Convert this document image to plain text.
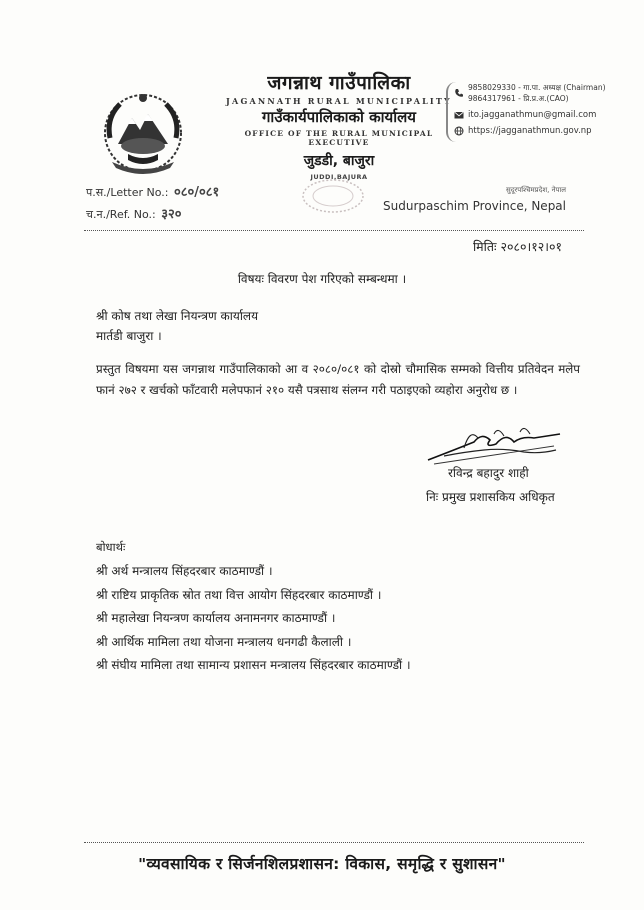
जगन्नाथ गाउँपालिका
JAGANNATH RURAL MUNICIPALITY
गाउँकार्यपालिकाको कार्यालय
OFFICE OF THE RURAL MUNICIPAL EXECUTIVE
जुडडी, बाजुरा
JUDDI,BAJURA
9858029330 - गा.पा. अध्यक्ष (Chairman)
9864317961 - प्रि.प्र.अ.(CAO)
ito.jagganathmun@gmail.com
https://jagganathmun.gov.np
प.स./Letter No.: ०८०/०८१
च.न./Ref. No.: ३२०
सुदूरपश्चिमप्रदेश, नेपाल
Sudurpaschim Province, Nepal
मितिः २०८०।१२।०१
विषयः विवरण पेश गरिएको सम्बन्धमा ।
श्री कोष तथा लेखा नियन्त्रण कार्यालय
मार्तडी बाजुरा ।
प्रस्तुत विषयमा यस जगन्नाथ गाउँपालिकाको आ व २०८०/०८१ को दोस्रो चौमासिक सम्मको वित्तीय प्रतिवेदन मलेप फानं २७२ र खर्चको फाँटवारी मलेपफानं २१० यसै पत्रसाथ संलग्न गरी पठाइएको व्यहोरा अनुरोध छ ।
रविन्द्र बहादुर शाही
निः प्रमुख प्रशासकिय अधिकृत
बोधार्थः
श्री अर्थ मन्त्रालय सिंहदरबार काठमाण्डौं ।
श्री राष्टिय प्राकृतिक स्रोत तथा वित्त आयोग सिंहदरबार काठमाण्डौं ।
श्री महालेखा नियन्त्रण कार्यालय अनामनगर काठमाण्डौं ।
श्री आर्थिक मामिला तथा योजना मन्त्रालय धनगढी कैलाली ।
श्री संघीय मामिला तथा सामान्य प्रशासन मन्त्रालय सिंहदरबार काठमाण्डौं ।
"व्यवसायिक र सिर्जनशिलप्रशासन: विकास, समृद्धि र सुशासन"
